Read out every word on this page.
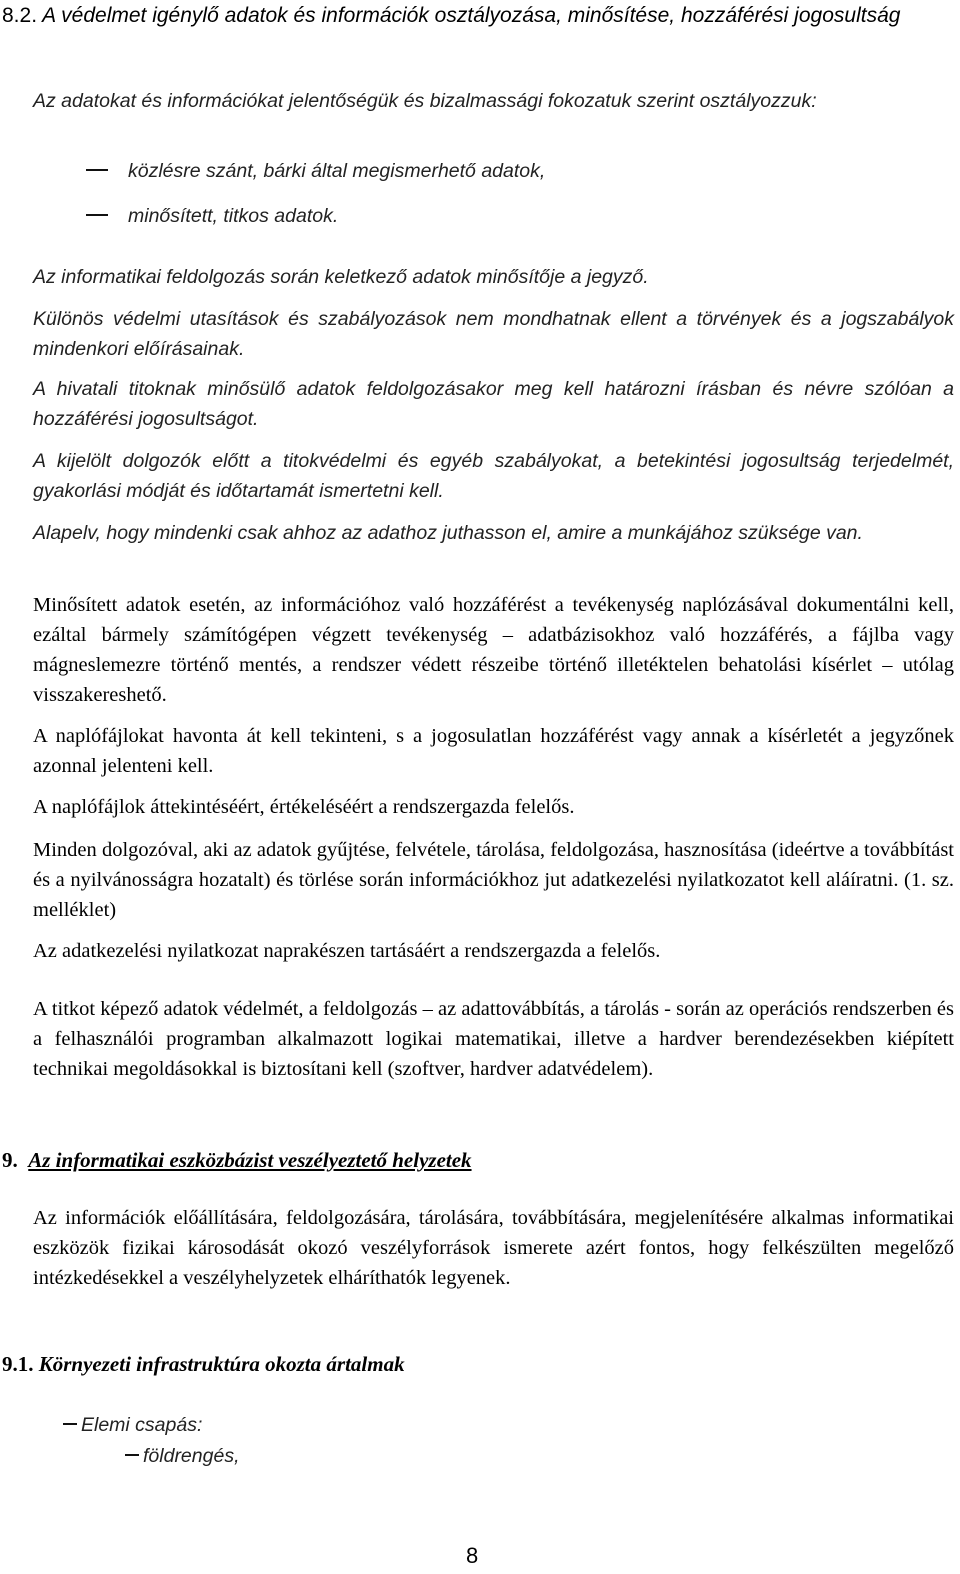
8.2. A védelmet igénylő adatok és információk osztályozása, minősítése, hozzáférési jogosultság
Az adatokat és információkat jelentőségük és bizalmassági fokozatuk szerint osztályozzuk:
közlésre szánt, bárki által megismerhető adatok,
minősített, titkos adatok.
Az informatikai feldolgozás során keletkező adatok minősítője a jegyző.
Különös védelmi utasítások és szabályozások nem mondhatnak ellent a törvények és a jogszabályok mindenkori előírásainak.
A hivatali titoknak minősülő adatok feldolgozásakor meg kell határozni írásban és névre szólóan a hozzáférési jogosultságot.
A kijelölt dolgozók előtt a titokvédelmi és egyéb szabályokat, a betekintési jogosultság terjedelmét, gyakorlási módját és időtartamát ismertetni kell.
Alapelv, hogy mindenki csak ahhoz az adathoz juthasson el, amire a munkájához szüksége van.
Minősített adatok esetén, az információhoz való hozzáférést a tevékenység naplózásával dokumentálni kell, ezáltal bármely számítógépen végzett tevékenység – adatbázisokhoz való hozzáférés, a fájlba vagy mágneslemezre történő mentés, a rendszer védett részeibe történő illetéktelen behatolási kísérlet – utólag visszakereshető.
A naplófájlokat havonta át kell tekinteni, s a jogosulatlan hozzáférést vagy annak a kísérletét a jegyzőnek azonnal jelenteni kell.
A naplófájlok áttekintéséért, értékeléséért a rendszergazda felelős.
Minden dolgozóval, aki az adatok gyűjtése, felvétele, tárolása, feldolgozása, hasznosítása (ideértve a továbbítást és a nyilvánosságra hozatalt) és törlése során információkhoz jut adatkezelési nyilatkozatot kell aláíratni. (1. sz. melléklet)
Az adatkezelési nyilatkozat naprakészen tartásáért a rendszergazda a felelős.
A titkot képező adatok védelmét, a feldolgozás – az adattovábbítás, a tárolás - során az operációs rendszerben és a felhasználói programban alkalmazott logikai matematikai, illetve a hardver berendezésekben kiépített technikai megoldásokkal is biztosítani kell (szoftver, hardver adatvédelem).
9. Az informatikai eszközbázist veszélyeztető helyzetek
Az információk előállítására, feldolgozására, tárolására, továbbítására, megjelenítésére alkalmas informatikai eszközök fizikai károsodását okozó veszélyforrások ismerete azért fontos, hogy felkészülten megelőző intézkedésekkel a veszélyhelyzetek elháríthatók legyenek.
9.1. Környezeti infrastruktúra okozta ártalmak
Elemi csapás:
földrengés,
8
